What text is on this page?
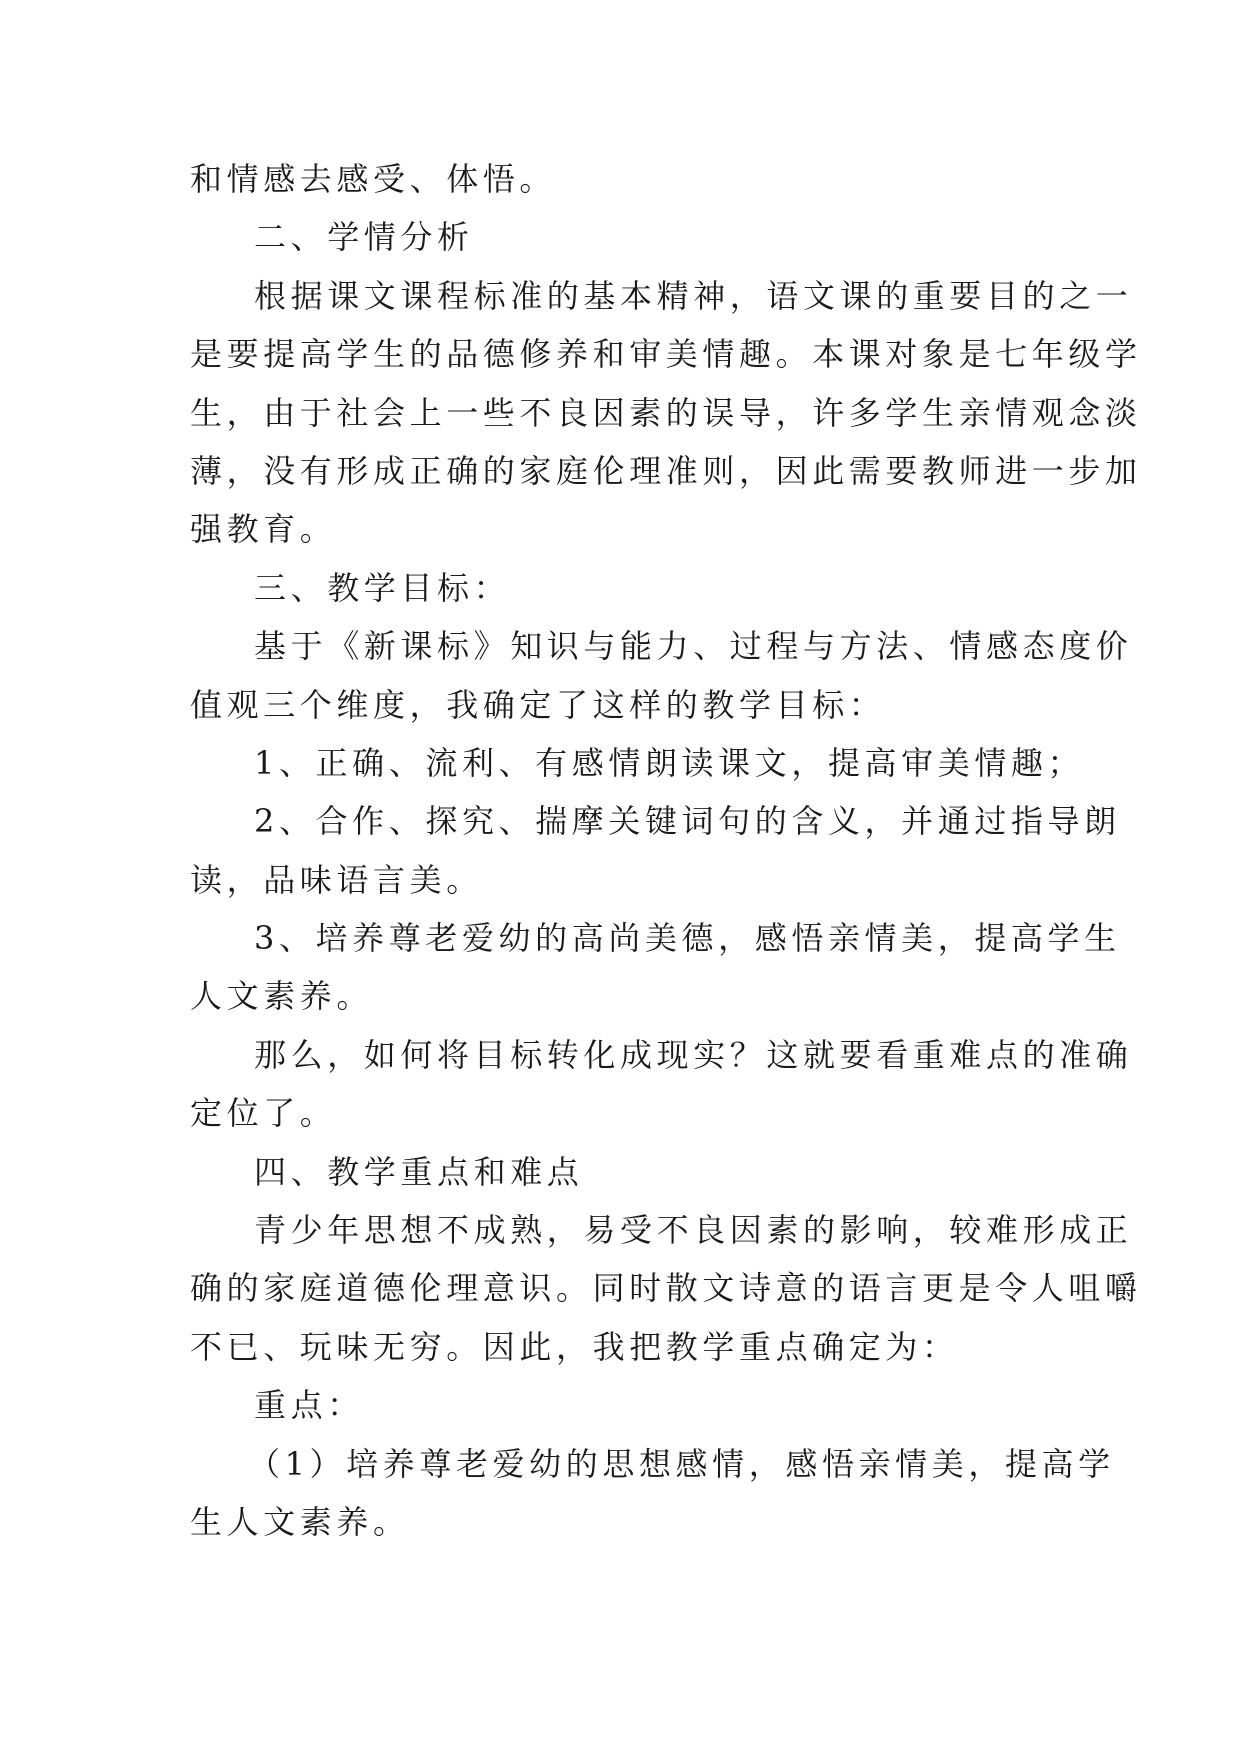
和情感去感受、体悟。
二、学情分析
根据课文课程标准的基本精神，语文课的重要目的之一
是要提高学生的品德修养和审美情趣。本课对象是七年级学
生，由于社会上一些不良因素的误导，许多学生亲情观念淡
薄，没有形成正确的家庭伦理准则，因此需要教师进一步加
强教育。
三、教学目标：
基于《新课标》知识与能力、过程与方法、情感态度价
值观三个维度，我确定了这样的教学目标：
1、正确、流利、有感情朗读课文，提高审美情趣；
2、合作、探究、揣摩关键词句的含义，并通过指导朗
读，品味语言美。
3、培养尊老爱幼的高尚美德，感悟亲情美，提高学生
人文素养。
那么，如何将目标转化成现实？这就要看重难点的准确
定位了。
四、教学重点和难点
青少年思想不成熟，易受不良因素的影响，较难形成正
确的家庭道德伦理意识。同时散文诗意的语言更是令人咀嚼
不已、玩味无穷。因此，我把教学重点确定为：
重点：
（1）培养尊老爱幼的思想感情，感悟亲情美，提高学
生人文素养。
